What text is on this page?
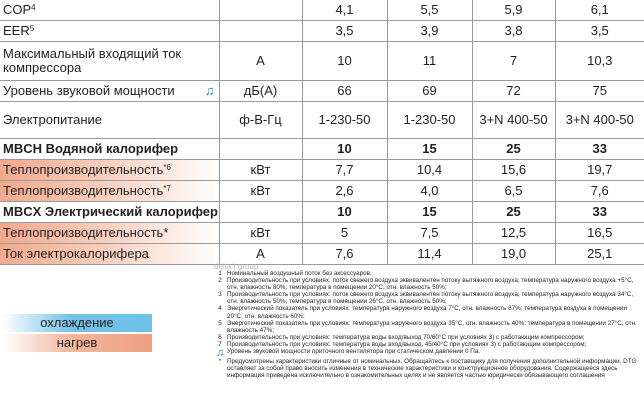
COP$^4$		4,1	5,5	5,9	6,1
EER$^5$		3,5	3,9	3,8	3,5
Максимальный входящий ток компрессора	A	10	11	7	10,3
Уровень звуковой мощности ♫	дБ(А)	66	69	72	75
Электропитание	ф-В-Гц	1-230-50	1-230-50	3+N 400-50	3+N 400-50
MBCH Водяной калорифер		10	15	25	33
Теплопроизводительность$^{*6}$	кВт	7,7	10,4	15,6	19,7
Теплопроизводительность$^{*7}$	кВт	2,6	4,0	6,5	7,6
MBCX Электрический калорифер		10	15	25	33
Теплопроизводительность*	кВт	5	7,5	12,5	16,5
Ток электрокалорифера	A	7,6	11,4	19,0	25,1
delta | group
охлаждение
нагрев
1 Номинальный воздушный поток без аксессуаров.
2 Производительность при условиях: поток свежего воздуха эквивалентен потоку вытяжного воздуха; температура наружного воздуха +5°С, отн. влажность 80%; температура в помещении 20°С, отн. влажность 50%;
3 Производительность при условиях: поток свежего воздуха эквивалентен потоку вытяжного воздуха; температура наружного воздуха 34°С, отн. влажность 50%; температура в помещении 26°С, отн. влажность 50%;
4 Энергетический показатель при условиях: температура наружного воздуха 7°С, отн. влажность 87%; температура воздуха в помещении 20°С, отн. влажность 60%;
5 Энергетический показатель при условиях: температура наружного воздуха 35°С, отн. влажность 40%; температура в помещении 27°С, отн. влажность 47%;
6 Производительность при условиях: температура воды вход/выход 70/60°С при условиях 3) с работающим компрессором;
7 Производительность при условиях: температура воды вход/выход, 45/40°С при условиях 3) с работающим компрессором;
♫ Уровень звуковой мощности приточного вентилятора при статическом давлении 0 Па.
* Предусмотрены характеристики отличные от номинальных. Обращайтесь к поставщику для получения дополнительной информации. DTG оставляет за собой право вносить изменения в технические характеристики и конструкционное оборудования. Содержащееся здесь информация приведена исключительно в ознакомительных целях и не является частью юридически обязывающего соглашения
